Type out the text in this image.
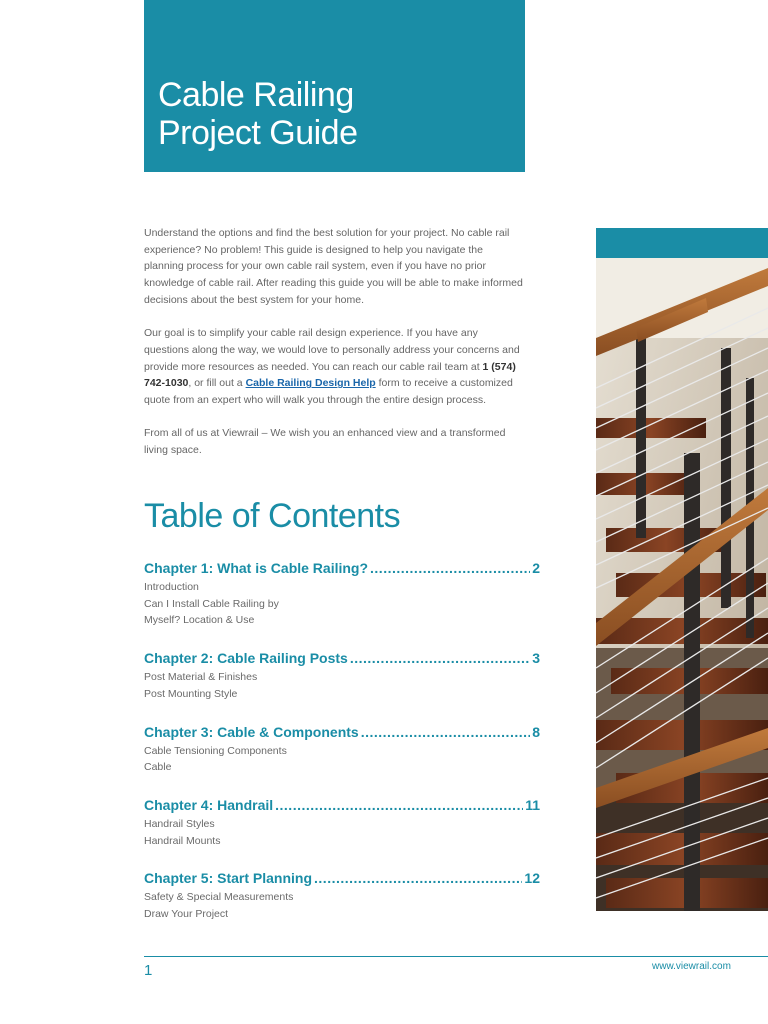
Cable Railing
Project Guide

Understand the options and find the best solution for your project. No cable rail experience? No problem! This guide is designed to help you navigate the planning process for your own cable rail system, even if you have no prior knowledge of cable rail. After reading this guide you will be able to make informed decisions about the best system for your home.

Our goal is to simplify your cable rail design experience. If you have any questions along the way, we would love to personally address your concerns and provide more resources as needed. You can reach our cable rail team at 1 (574) 742-1030, or fill out a Cable Railing Design Help form to receive a customized quote from an expert who will walk you through the entire design process.

From all of us at Viewrail – We wish you an enhanced view and a transformed living space.

Table of Contents
Chapter 1: What is Cable Railing? .....	2
Introduction
Can I Install Cable Railing by
Myself? Location & Use
Chapter 2: Cable Railing Posts .....	3
Post Material & Finishes
Post Mounting Style
Chapter 3: Cable & Components .....	8
Cable Tensioning Components
Cable
Chapter 4: Handrail .....	11
Handrail Styles
Handrail Mounts
Chapter 5: Start Planning .....	12
Safety & Special Measurements
Draw Your Project
1	www.viewrail.com
